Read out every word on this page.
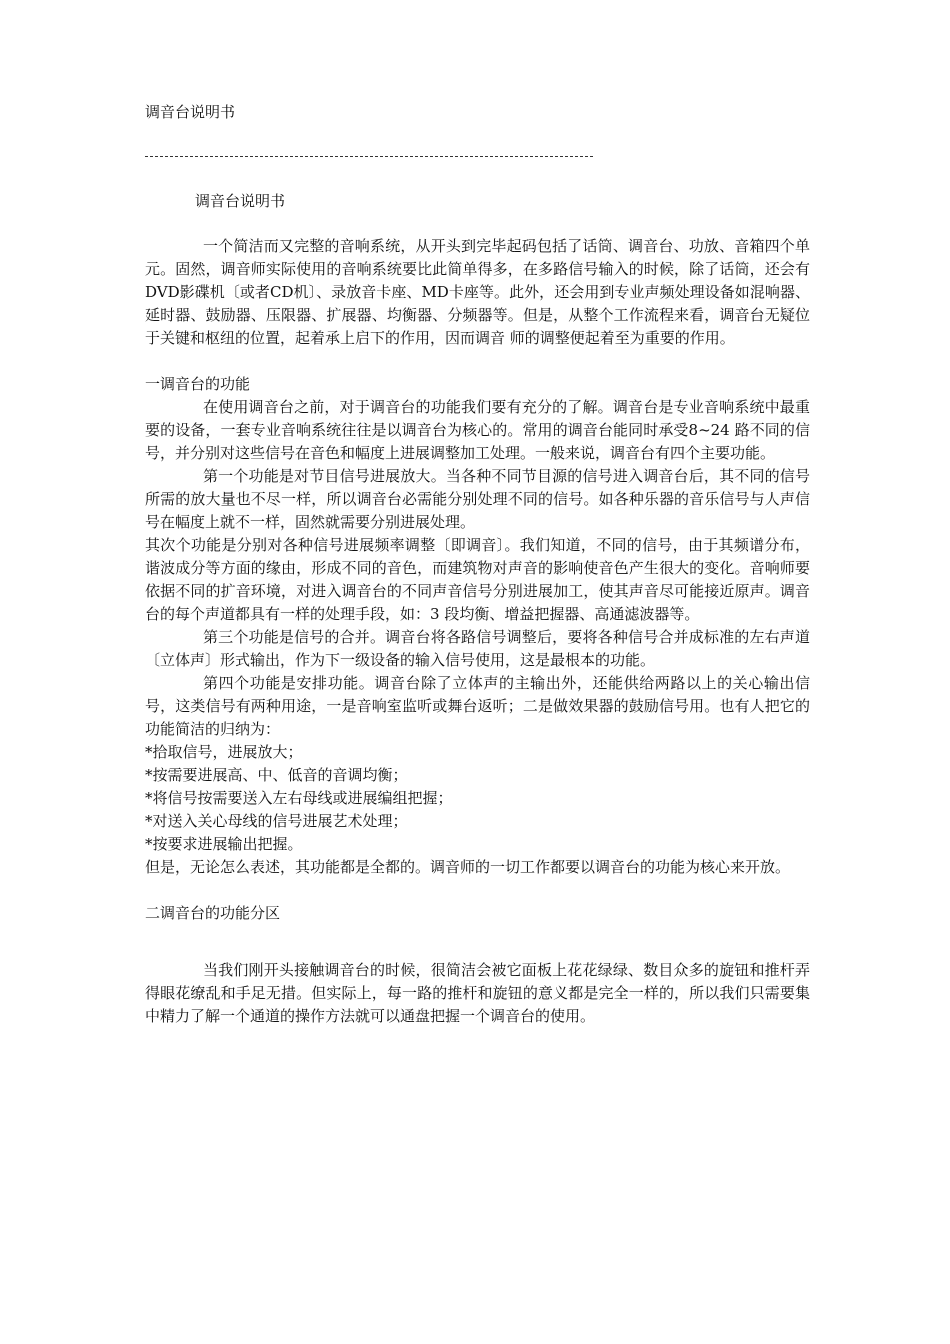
调音台说明书

调音台说明书

一个简洁而又完整的音响系统，从开头到完毕起码包括了话筒、调音台、功放、音箱四个单元。固然，调音师实际使用的音响系统要比此简单得多，在多路信号输入的时候，除了话筒，还会有DVD影碟机〔或者CD机〕、录放音卡座、MD卡座等。此外，还会用到专业声频处理设备如混响器、延时器、鼓励器、压限器、扩展器、均衡器、分频器等。但是，从整个工作流程来看，调音台无疑位于关键和枢纽的位置，起着承上启下的作用，因而调音 师的调整便起着至为重要的作用。

一调音台的功能

在使用调音台之前，对于调音台的功能我们要有充分的了解。调音台是专业音响系统中最重要的设备，一套专业音响系统往往是以调音台为核心的。常用的调音台能同时承受8~24 路不同的信号，并分别对这些信号在音色和幅度上进展调整加工处理。一般来说，调音台有四个主要功能。

第一个功能是对节目信号进展放大。当各种不同节目源的信号进入调音台后，其不同的信号所需的放大量也不尽一样，所以调音台必需能分别处理不同的信号。如各种乐器的音乐信号与人声信号在幅度上就不一样，固然就需要分别进展处理。

其次个功能是分别对各种信号进展频率调整〔即调音〕。我们知道，不同的信号，由于其频谱分布，谐波成分等方面的缘由，形成不同的音色，而建筑物对声音的影响使音色产生很大的变化。音响师要依据不同的扩音环境，对进入调音台的不同声音信号分别进展加工，使其声音尽可能接近原声。调音台的每个声道都具有一样的处理手段，如：3 段均衡、增益把握器、高通滤波器等。

第三个功能是信号的合并。调音台将各路信号调整后，要将各种信号合并成标准的左右声道〔立体声〕形式输出，作为下一级设备的输入信号使用，这是最根本的功能。

第四个功能是安排功能。调音台除了立体声的主输出外，还能供给两路以上的关心输出信号，这类信号有两种用途，一是音响室监听或舞台返听；二是做效果器的鼓励信号用。也有人把它的功能简洁的归纳为：

*拾取信号，进展放大；

*按需要进展高、中、低音的音调均衡；

*将信号按需要送入左右母线或进展编组把握；

*对送入关心母线的信号进展艺术处理；

*按要求进展输出把握。

但是，无论怎么表述，其功能都是全都的。调音师的一切工作都要以调音台的功能为核心来开放。

二调音台的功能分区

当我们刚开头接触调音台的时候，很简洁会被它面板上花花绿绿、数目众多的旋钮和推杆弄得眼花缭乱和手足无措。但实际上，每一路的推杆和旋钮的意义都是完全一样的，所以我们只需要集中精力了解一个通道的操作方法就可以通盘把握一个调音台的使用。
